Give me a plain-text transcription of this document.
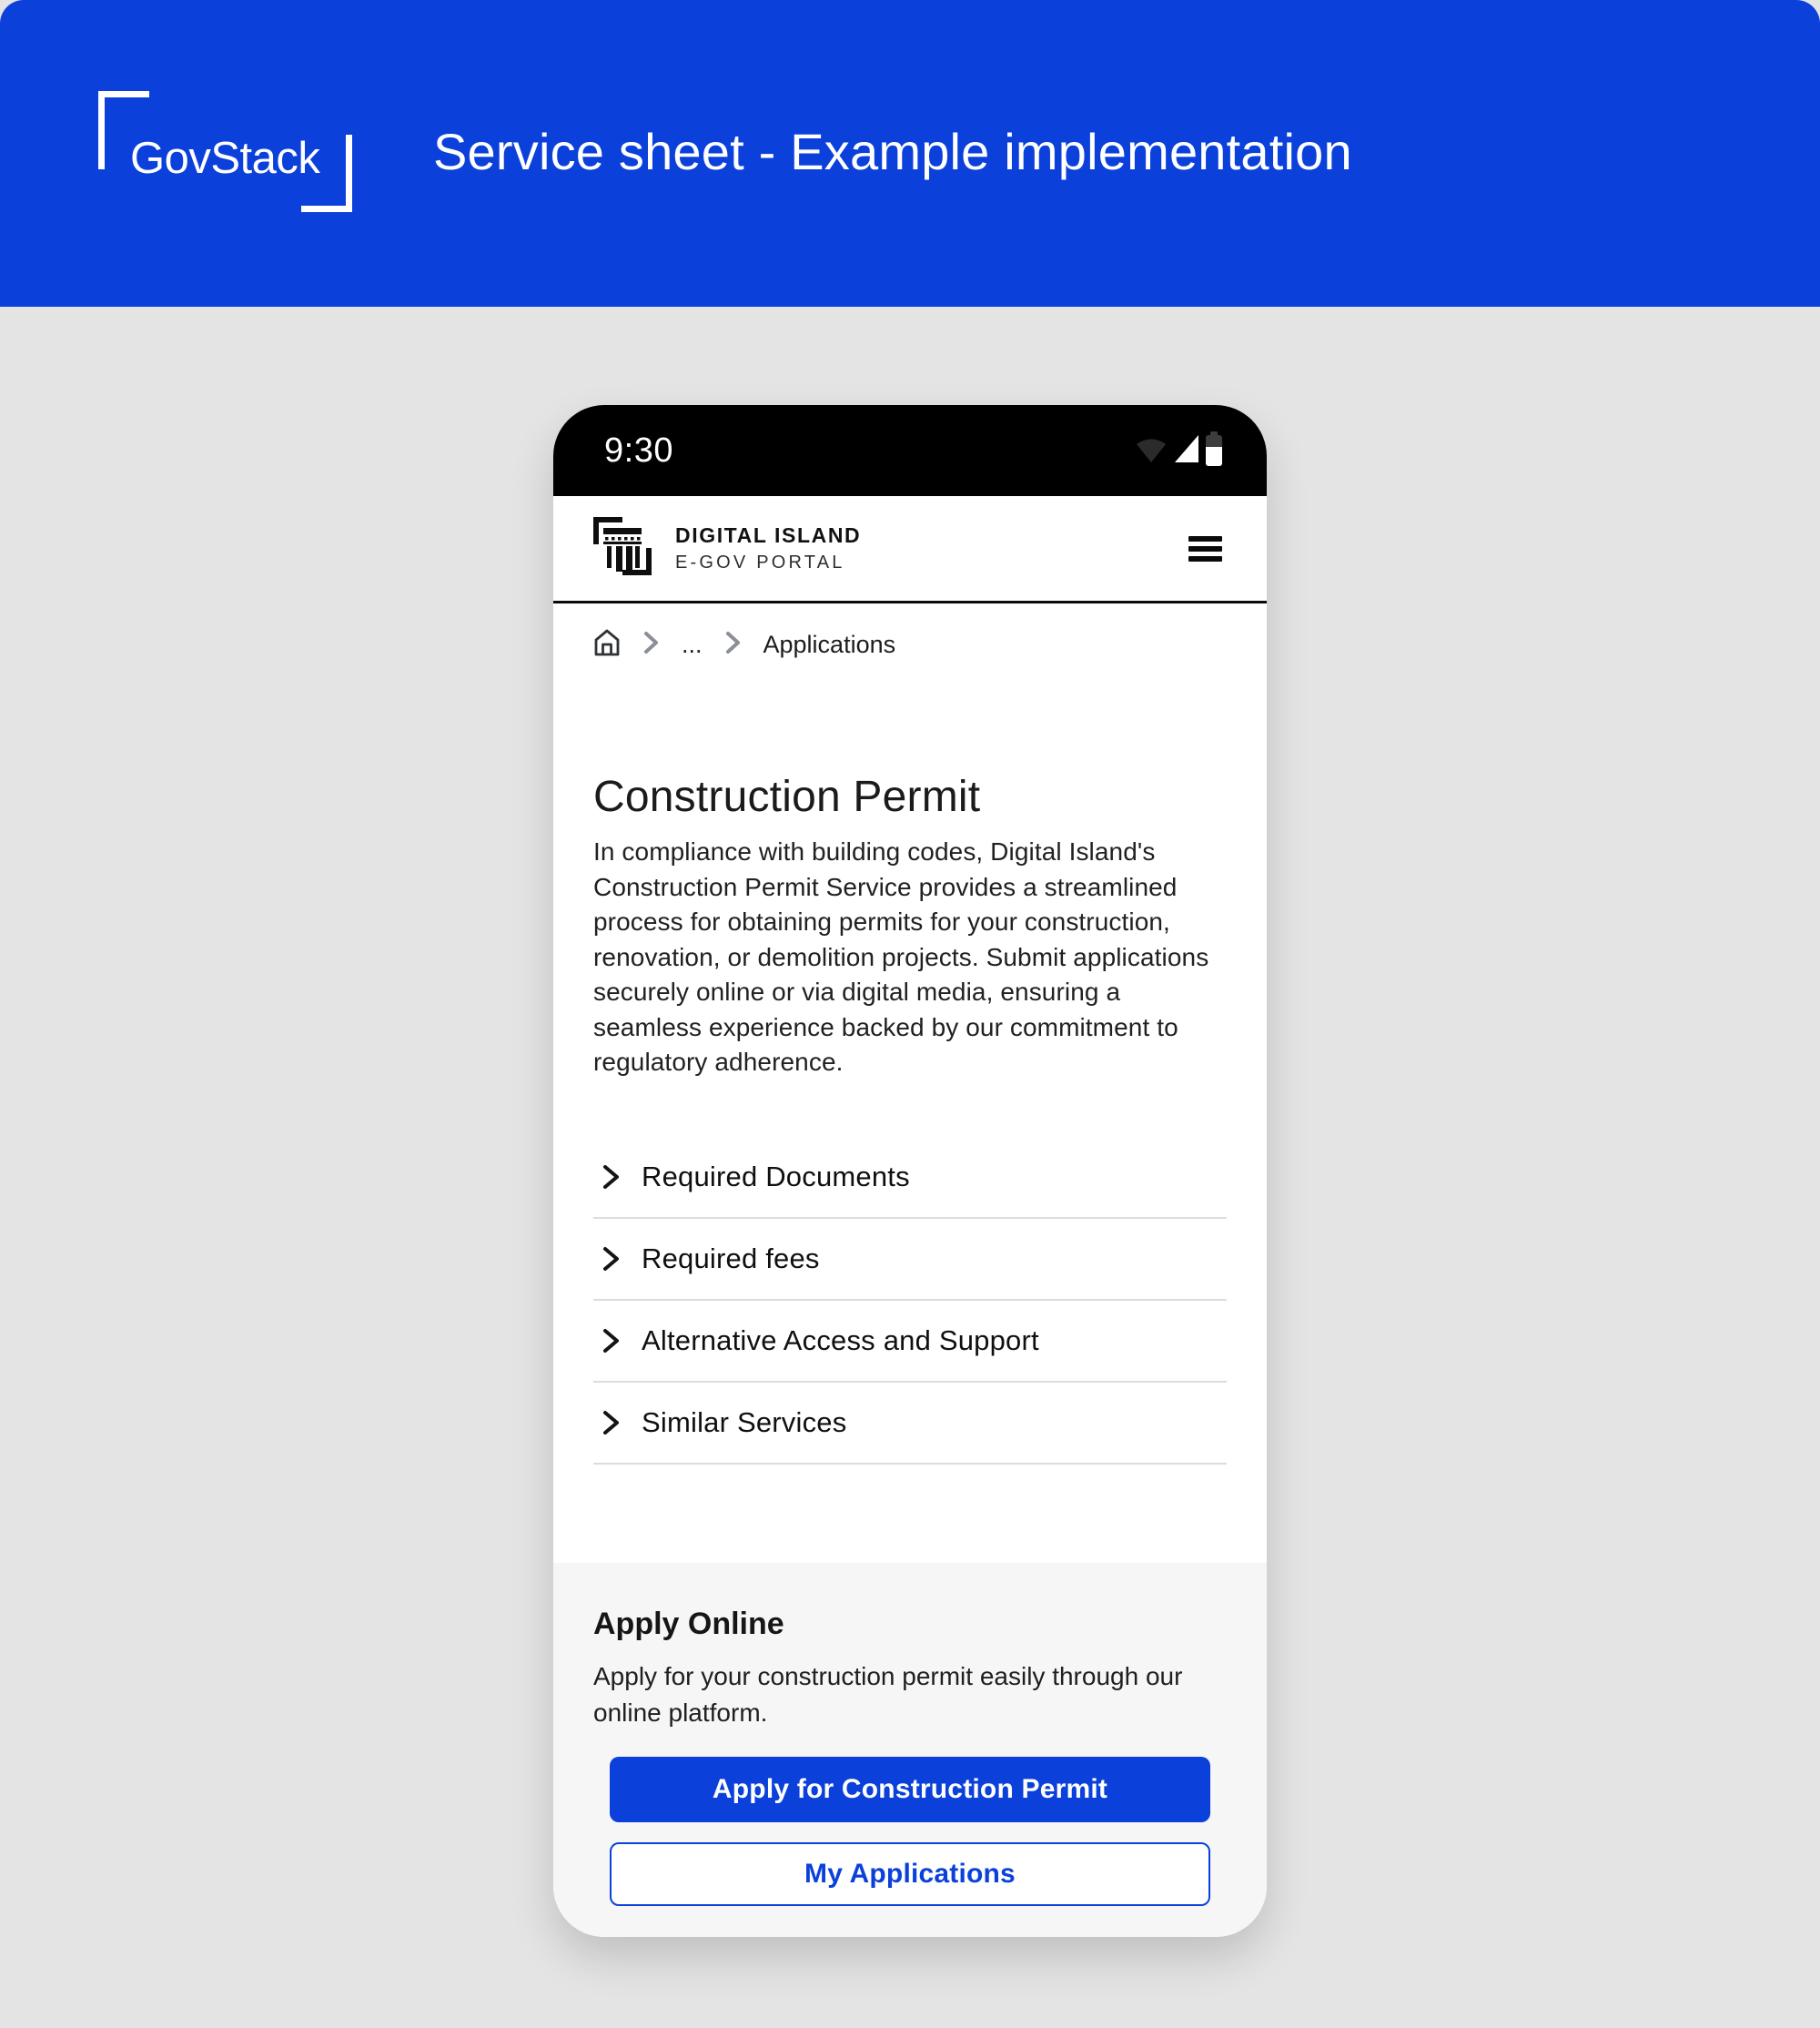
GovStack Service sheet - Example implementation
9:30
DIGITAL ISLAND
E-GOV PORTAL
... Applications
Construction Permit

In compliance with building codes, Digital Island's Construction Permit Service provides a streamlined process for obtaining permits for your construction, renovation, or demolition projects. Submit applications securely online or via digital media, ensuring a seamless experience backed by our commitment to regulatory adherence.

Required Documents
Required fees
Alternative Access and Support
Similar Services
Apply Online
Apply for your construction permit easily through our online platform.
Apply for Construction Permit
My Applications
